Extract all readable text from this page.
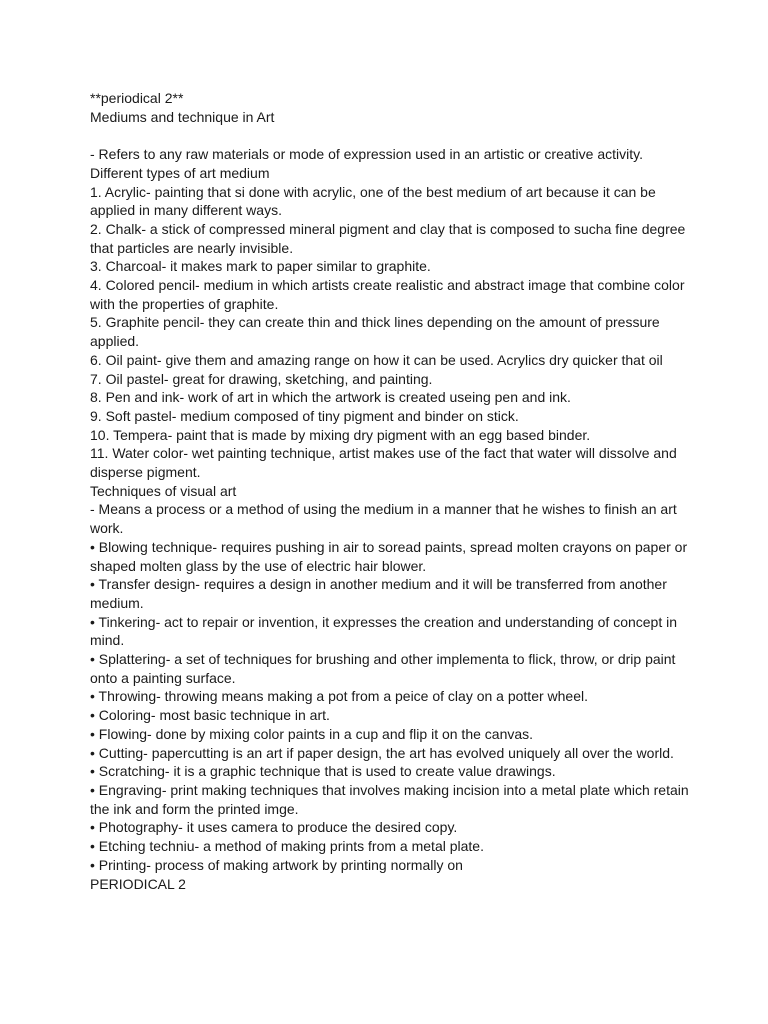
**periodical 2**
Mediums and technique in Art
- Refers to any raw materials or mode of expression used in an artistic or creative activity.
Different types of art medium
1. Acrylic- painting that si done with acrylic, one of the best medium of art because it can be applied in many different ways.
2. Chalk- a stick of compressed mineral pigment and clay that is composed to sucha fine degree that particles are nearly invisible.
3. Charcoal- it makes mark to paper similar to graphite.
4. Colored pencil- medium in which artists create realistic and abstract image that combine color with the properties of graphite.
5. Graphite pencil- they can create thin and thick lines depending on the amount of pressure applied.
6. Oil paint- give them and amazing range on how it can be used. Acrylics dry quicker that oil
7. Oil pastel- great for drawing, sketching, and painting.
8. Pen and ink- work of art in which the artwork is created useing pen and ink.
9. Soft pastel- medium composed of tiny pigment and binder on stick.
10. Tempera- paint that is made by mixing dry pigment with an egg based binder.
11. Water color- wet painting technique, artist makes use of the fact that water will dissolve and disperse pigment.
Techniques of visual art
- Means a process or a method of using the medium in a manner that he wishes to finish an art work.
• Blowing technique- requires pushing in air to soread paints, spread molten crayons on paper or shaped molten glass by the use of electric hair blower.
• Transfer design- requires a design in another medium and it will be transferred from another medium.
• Tinkering- act to repair or invention, it expresses the creation and understanding of concept in mind.
• Splattering- a set of techniques for brushing and other implementa to flick, throw, or drip paint onto a painting surface.
• Throwing- throwing means making a pot from a peice of clay on a potter wheel.
• Coloring- most basic technique in art.
• Flowing- done by mixing color paints in a cup and flip it on the canvas.
• Cutting- papercutting is an art if paper design, the art has evolved uniquely all over the world.
• Scratching- it is a graphic technique that is used to create value drawings.
• Engraving- print making techniques that involves making incision into a metal plate which retain the ink and form the printed imge.
• Photography- it uses camera to produce the desired copy.
• Etching techniu- a method of making prints from a metal plate.
• Printing- process of making artwork by printing normally on
PERIODICAL 2
